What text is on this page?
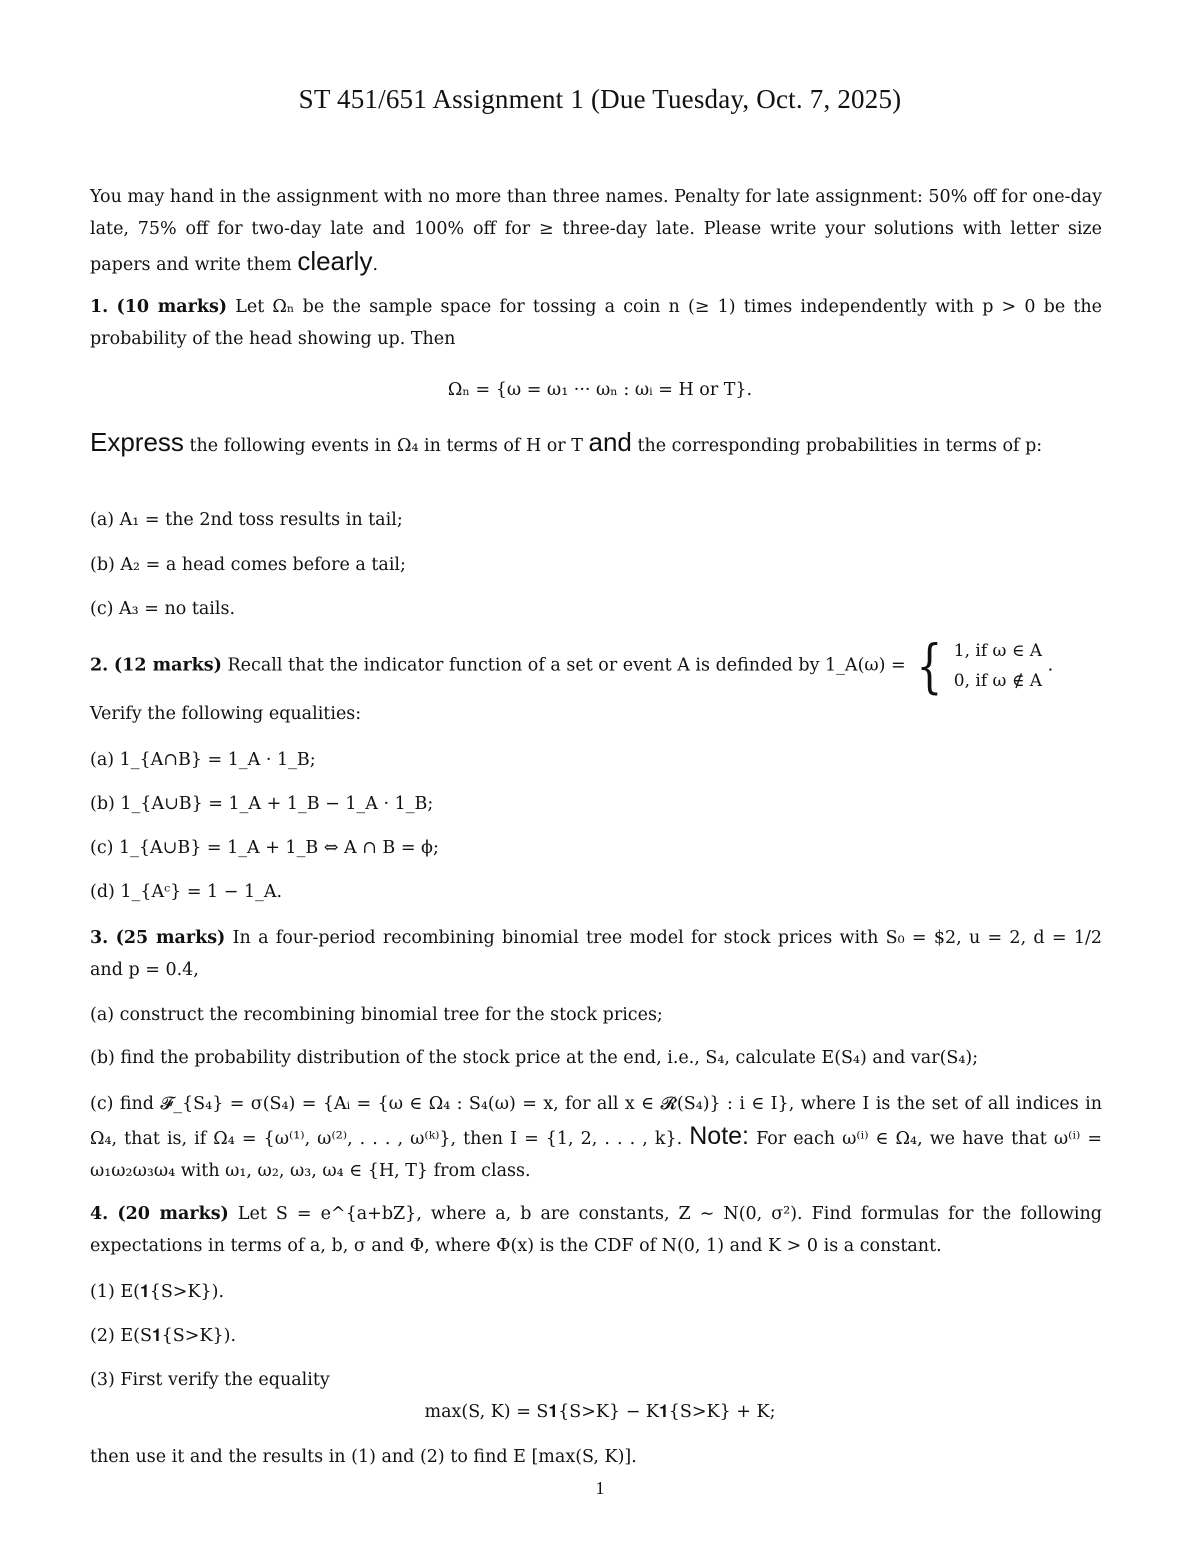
ST 451/651 Assignment 1 (Due Tuesday, Oct. 7, 2025)
You may hand in the assignment with no more than three names. Penalty for late assignment: 50% off for one-day late, 75% off for two-day late and 100% off for ≥ three-day late. Please write your solutions with letter size papers and write them clearly.
1. (10 marks) Let Ωₙ be the sample space for tossing a coin n (≥ 1) times independently with p > 0 be the probability of the head showing up. Then
Ωₙ = {ω = ω₁ ··· ωₙ : ωᵢ = H or T}.
Express the following events in Ω₄ in terms of H or T and the corresponding probabilities in terms of p:
(a) A₁ = the 2nd toss results in tail;
(b) A₂ = a head comes before a tail;
(c) A₃ = no tails.
2. (12 marks) Recall that the indicator function of a set or event A is definded by 1_A(ω) = { 1, if ω ∈ A
0, if ω ∉ A
.
Verify the following equalities:
(a) 1_{A∩B} = 1_A · 1_B;
(b) 1_{A∪B} = 1_A + 1_B − 1_A · 1_B;
(c) 1_{A∪B} = 1_A + 1_B ⇔ A ∩ B = ϕ;
(d) 1_{Aᶜ} = 1 − 1_A.
3. (25 marks) In a four-period recombining binomial tree model for stock prices with S₀ = $2, u = 2, d = 1/2 and p = 0.4,
(a) construct the recombining binomial tree for the stock prices;
(b) find the probability distribution of the stock price at the end, i.e., S₄, calculate E(S₄) and var(S₄);
(c) find 𝓕_{S₄} = σ(S₄) = {Aᵢ = {ω ∈ Ω₄ : S₄(ω) = x, for all x ∈ 𝓡(S₄)} : i ∈ I}, where I is the set of all indices in Ω₄, that is, if Ω₄ = {ω⁽¹⁾, ω⁽²⁾, . . . , ω⁽ᵏ⁾}, then I = {1, 2, . . . , k}. Note: For each ω⁽ⁱ⁾ ∈ Ω₄, we have that ω⁽ⁱ⁾ = ω₁ω₂ω₃ω₄ with ω₁, ω₂, ω₃, ω₄ ∈ {H, T} from class.
4. (20 marks) Let S = e^{a+bZ}, where a, b are constants, Z ∼ N(0, σ²). Find formulas for the following expectations in terms of a, b, σ and Φ, where Φ(x) is the CDF of N(0, 1) and K > 0 is a constant.
(1) E(𝟏{S>K}).
(2) E(S𝟏{S>K}).
(3) First verify the equality
max(S, K) = S𝟏{S>K} − K𝟏{S>K} + K;
then use it and the results in (1) and (2) to find E [max(S, K)].
1
